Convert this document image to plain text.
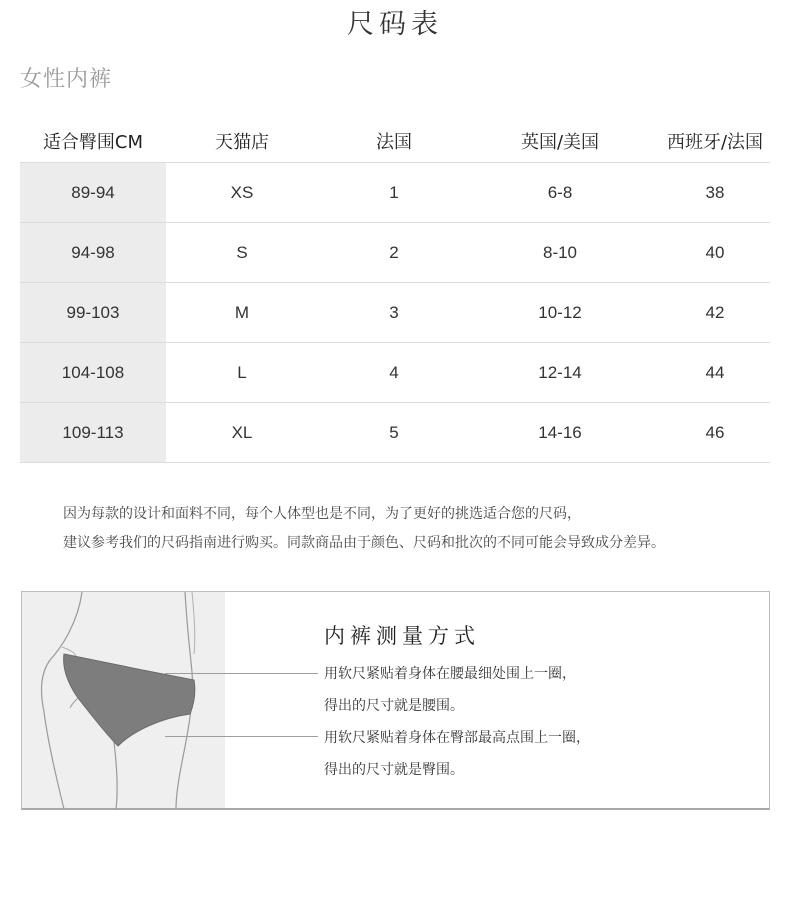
尺码表
女性内裤
适合臀围CM	天猫店	法国	英国/美国	西班牙/法国
89-94	XS	1	6-8	38
94-98	S	2	8-10	40
99-103	M	3	10-12	42
104-108	L	4	12-14	44
109-113	XL	5	14-16	46
因为每款的设计和面料不同，每个人体型也是不同，为了更好的挑选适合您的尺码，
建议参考我们的尺码指南进行购买。同款商品由于颜色、尺码和批次的不同可能会导致成分差异。
内裤测量方式
用软尺紧贴着身体在腰最细处围上一圈，
得出的尺寸就是腰围。
用软尺紧贴着身体在臀部最高点围上一圈，
得出的尺寸就是臀围。
